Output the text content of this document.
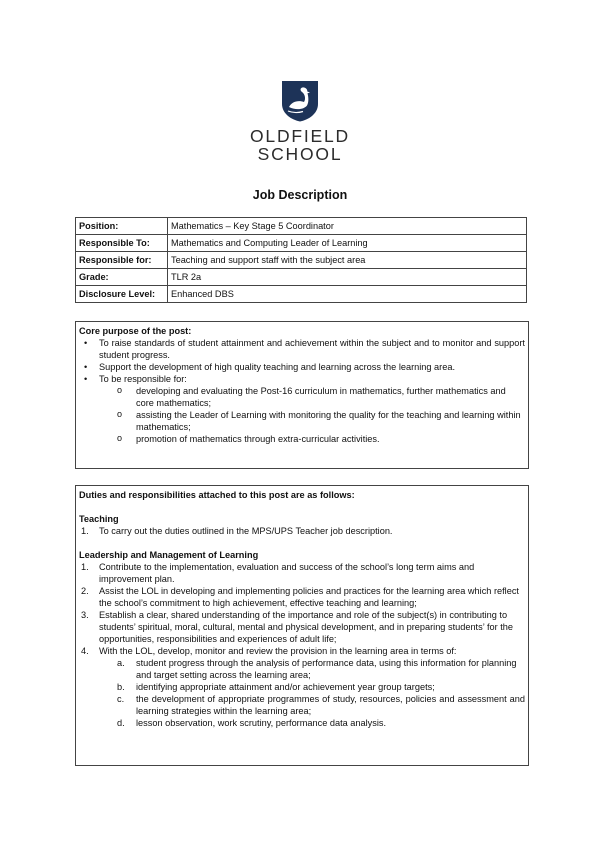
OLDFIELD
SCHOOL
Job Description
Position:	Mathematics – Key Stage 5 Coordinator
Responsible To:	Mathematics and Computing Leader of Learning
Responsible for:	Teaching and support staff with the subject area
Grade:	TLR 2a
Disclosure Level:	Enhanced DBS
Core purpose of the post:
• To raise standards of student attainment and achievement within the subject and to monitor and support student progress.
• Support the development of high quality teaching and learning across the learning area.
• To be responsible for:
o developing and evaluating the Post-16 curriculum in mathematics, further mathematics and core mathematics;
o assisting the Leader of Learning with monitoring the quality for the teaching and learning within mathematics;
o promotion of mathematics through extra-curricular activities.
Duties and responsibilities attached to this post are as follows:
Teaching
1. To carry out the duties outlined in the MPS/UPS Teacher job description.
Leadership and Management of Learning
1. Contribute to the implementation, evaluation and success of the school’s long term aims and improvement plan.
2. Assist the LOL in developing and implementing policies and practices for the learning area which reflect the school’s commitment to high achievement, effective teaching and learning;
3. Establish a clear, shared understanding of the importance and role of the subject(s) in contributing to students’ spiritual, moral, cultural, mental and physical development, and in preparing students’ for the opportunities, responsibilities and experiences of adult life;
4. With the LOL, develop, monitor and review the provision in the learning area in terms of:
a. student progress through the analysis of performance data, using this information for planning and target setting across the learning area;
b. identifying appropriate attainment and/or achievement year group targets;
c. the development of appropriate programmes of study, resources, policies and assessment and learning strategies within the learning area;
d. lesson observation, work scrutiny, performance data analysis.
